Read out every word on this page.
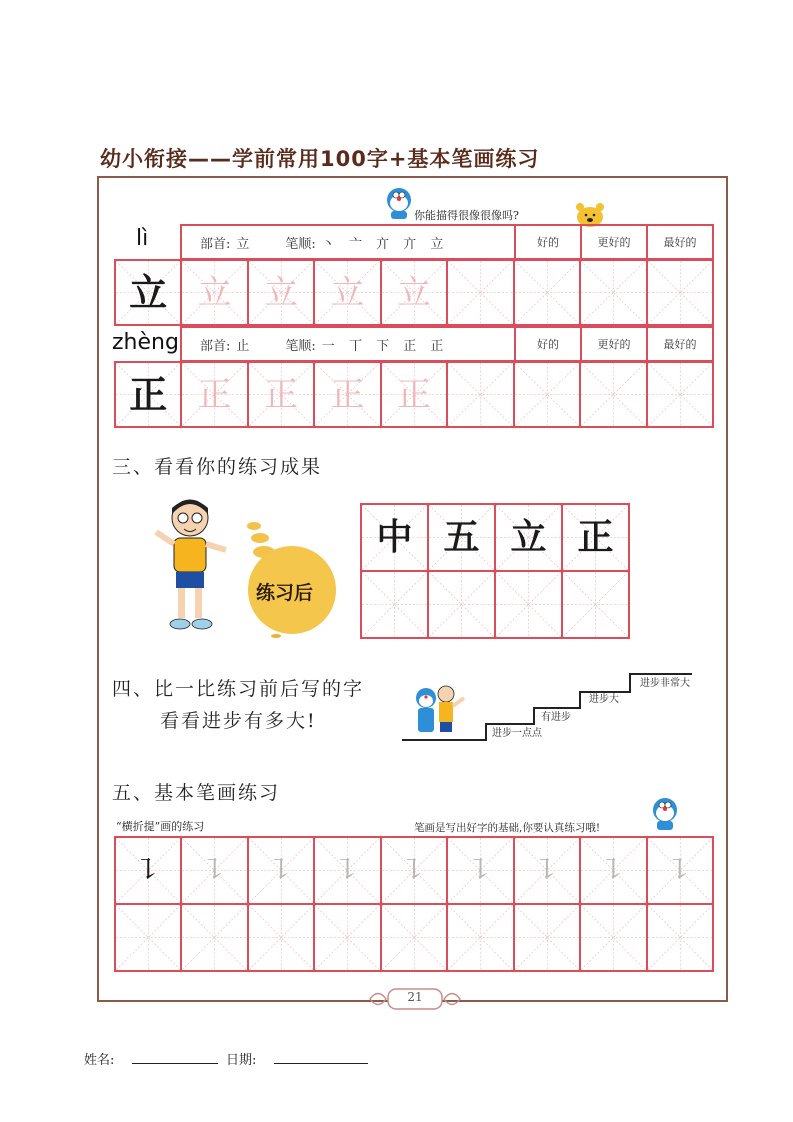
幼小衔接——学前常用100字+基本笔画练习
你能描得很像很像吗?
lì	部首: 立	笔顺: 丶 亠 亣 亣 立	好的	更好的	最好的
立 立 立 立 立
zhèng 部首: 止	笔顺: 一 丅 下 正 正	好的	更好的	最好的
正 正 正 正 正
三、看看你的练习成果
练习后
中 五 立 正
四、比一比练习前后写的字
看看进步有多大!
进步一点点
有进步
进步大
进步非常大
五、基本笔画练习
“横折提”画的练习	笔画是写出好字的基础,你要认真练习哦!
㇊	㇊	㇊	㇊	㇊	㇊	㇊	㇊	㇊
21
姓名:	日期:
